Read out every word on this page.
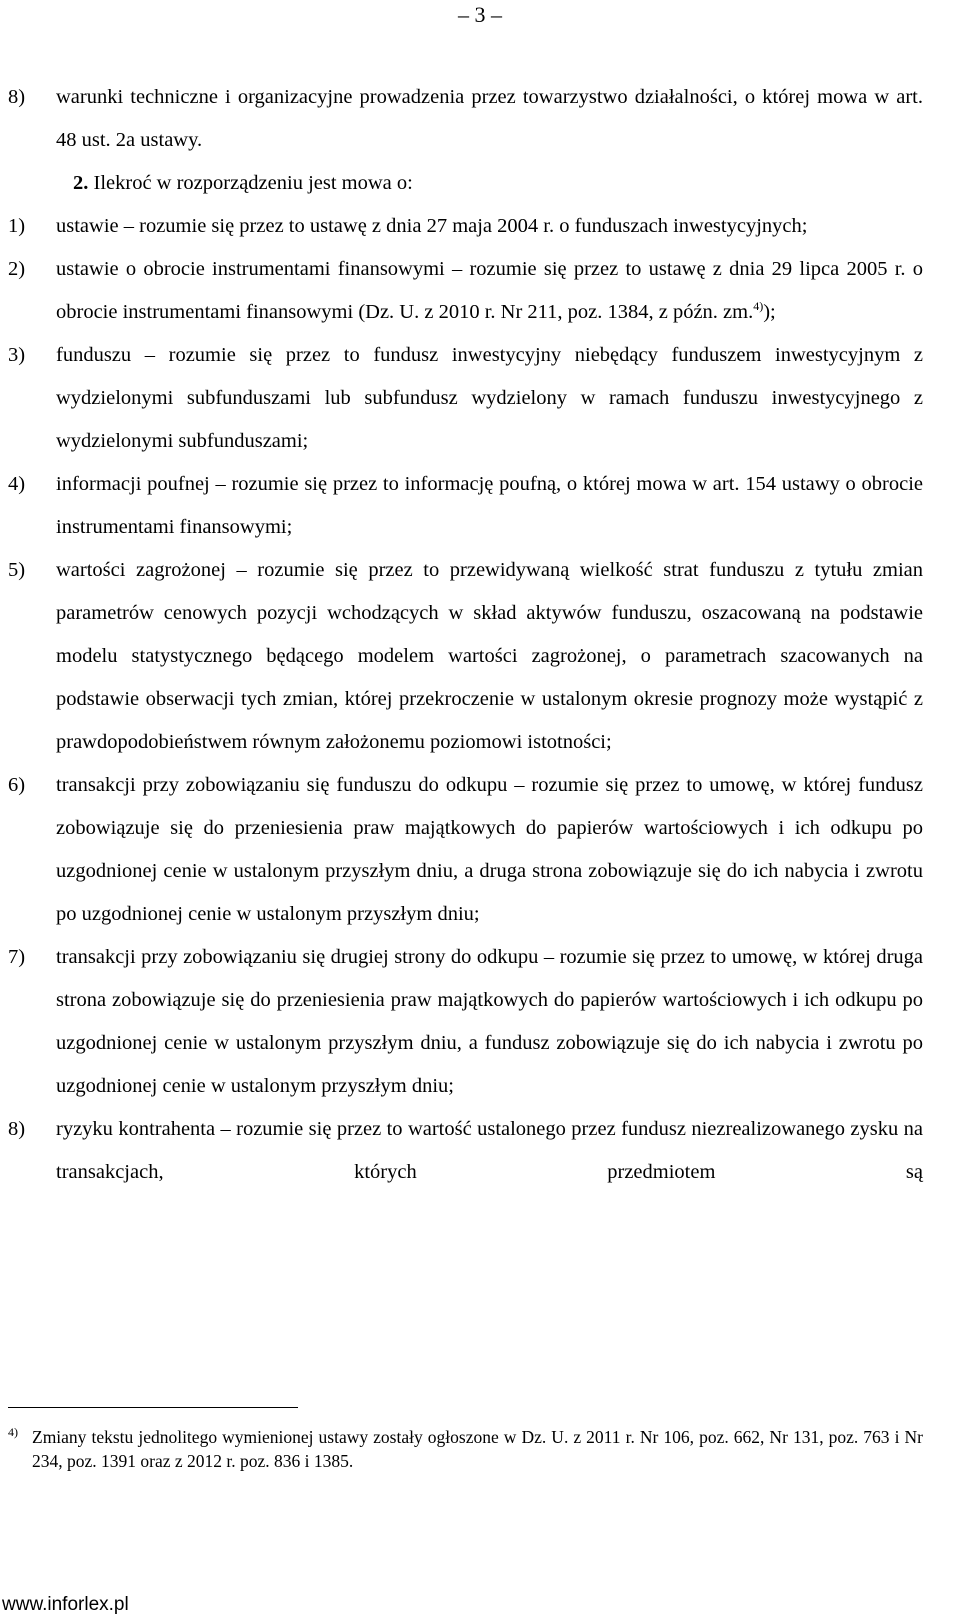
– 3 –
8)	warunki techniczne i organizacyjne prowadzenia przez towarzystwo działalności, o której mowa w art. 48 ust. 2a ustawy.
2. Ilekroć w rozporządzeniu jest mowa o:
1)	ustawie – rozumie się przez to ustawę z dnia 27 maja 2004 r. o funduszach inwestycyjnych;
2)	ustawie o obrocie instrumentami finansowymi – rozumie się przez to ustawę z dnia 29 lipca 2005 r. o obrocie instrumentami finansowymi (Dz. U. z 2010 r. Nr 211, poz. 1384, z późn. zm.$^{4)}$);
3)	funduszu – rozumie się przez to fundusz inwestycyjny niebędący funduszem inwestycyjnym z wydzielonymi subfunduszami lub subfundusz wydzielony w ramach funduszu inwestycyjnego z wydzielonymi subfunduszami;
4)	informacji poufnej – rozumie się przez to informację poufną, o której mowa w art. 154 ustawy o obrocie instrumentami finansowymi;
5)	wartości zagrożonej – rozumie się przez to przewidywaną wielkość strat funduszu z tytułu zmian parametrów cenowych pozycji wchodzących w skład aktywów funduszu, oszacowaną na podstawie modelu statystycznego będącego modelem wartości zagrożonej, o parametrach szacowanych na podstawie obserwacji tych zmian, której przekroczenie w ustalonym okresie prognozy może wystąpić z prawdopodobieństwem równym założonemu poziomowi istotności;
6)	transakcji przy zobowiązaniu się funduszu do odkupu – rozumie się przez to umowę, w której fundusz zobowiązuje się do przeniesienia praw majątkowych do papierów wartościowych i ich odkupu po uzgodnionej cenie w ustalonym przyszłym dniu, a druga strona zobowiązuje się do ich nabycia i zwrotu po uzgodnionej cenie w ustalonym przyszłym dniu;
7)	transakcji przy zobowiązaniu się drugiej strony do odkupu – rozumie się przez to umowę, w której druga strona zobowiązuje się do przeniesienia praw majątkowych do papierów wartościowych i ich odkupu po uzgodnionej cenie w ustalonym przyszłym dniu, a fundusz zobowiązuje się do ich nabycia i zwrotu po uzgodnionej cenie w ustalonym przyszłym dniu;
8)	ryzyku kontrahenta – rozumie się przez to wartość ustalonego przez fundusz niezrealizowanego zysku na transakcjach, których przedmiotem są
4) Zmiany tekstu jednolitego wymienionej ustawy zostały ogłoszone w Dz. U. z 2011 r. Nr 106, poz. 662, Nr 131, poz. 763 i Nr 234, poz. 1391 oraz z 2012 r. poz. 836 i 1385.
www.inforlex.pl
